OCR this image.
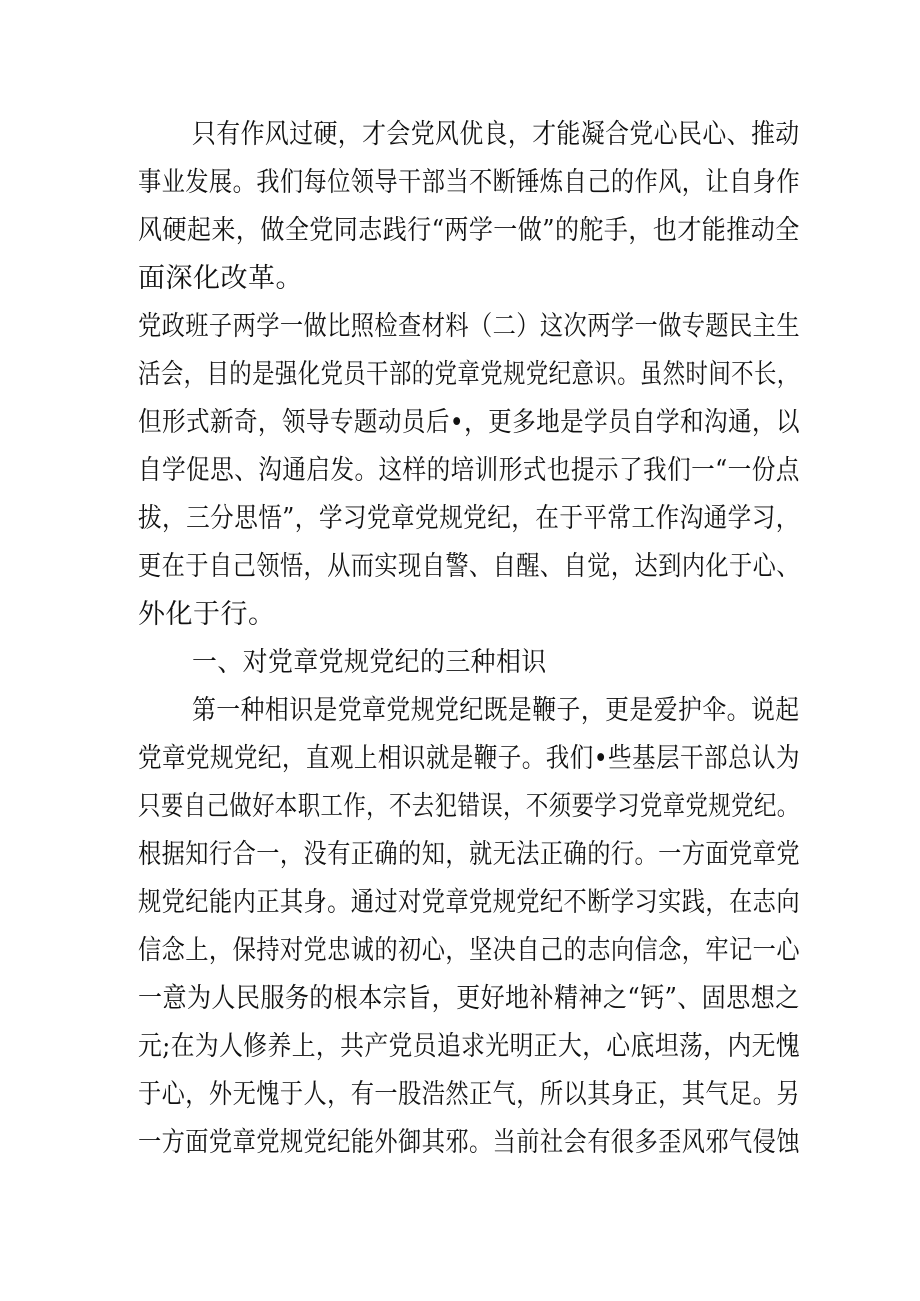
只有作风过硬，才会党风优良，才能凝合党心民心、推动
事业发展。我们每位领导干部当不断锤炼自己的作风，让自身作
风硬起来，做全党同志践行“两学一做”的舵手，也才能推动全
面深化改革。
党政班子两学一做比照检查材料（二）这次两学一做专题民主生
活会，目的是强化党员干部的党章党规党纪意识。虽然时间不长，
但形式新奇，领导专题动员后•，更多地是学员自学和沟通，以
自学促思、沟通启发。这样的培训形式也提示了我们一“一份点
拔，三分思悟”，学习党章党规党纪，在于平常工作沟通学习，
更在于自己领悟，从而实现自警、自醒、自觉，达到内化于心、
外化于行。
一、对党章党规党纪的三种相识
第一种相识是党章党规党纪既是鞭子，更是爱护伞。说起
党章党规党纪，直观上相识就是鞭子。我们•些基层干部总认为
只要自己做好本职工作，不去犯错误，不须要学习党章党规党纪。
根据知行合一，没有正确的知，就无法正确的行。一方面党章党
规党纪能内正其身。通过对党章党规党纪不断学习实践，在志向
信念上，保持对党忠诚的初心，坚决自己的志向信念，牢记一心
一意为人民服务的根本宗旨，更好地补精神之“钙”、固思想之
元;在为人修养上，共产党员追求光明正大，心底坦荡，内无愧
于心，外无愧于人，有一股浩然正气，所以其身正，其气足。另
一方面党章党规党纪能外御其邪。当前社会有很多歪风邪气侵蚀
